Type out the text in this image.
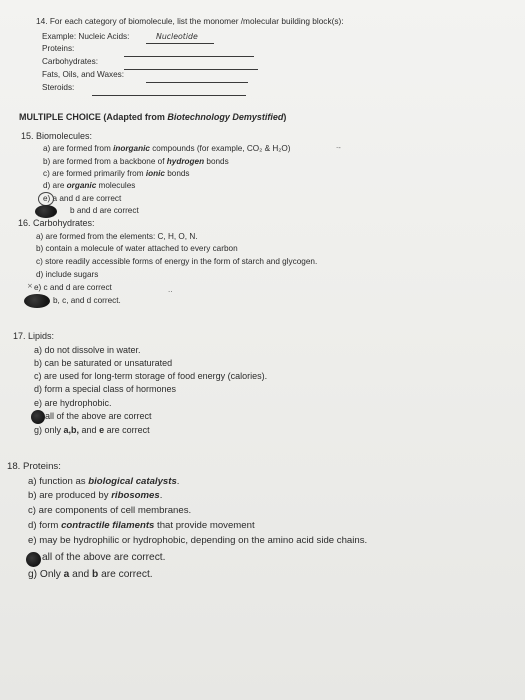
14. For each category of biomolecule, list the monomer /molecular building block(s):
Example: Nucleic Acids:	Nucleotide
Proteins:
Carbohydrates:
Fats, Oils, and Waxes:
Steroids:
MULTIPLE CHOICE (Adapted from Biotechnology Demystified)
15. Biomolecules:
a) are formed from inorganic compounds (for example, CO₂ & H₂O)	·-
b) are formed from a backbone of hydrogen bonds
c) are formed primarily from ionic bonds
d) are organic molecules
e) a and d are correct
b and d are correct
16. Carbohydrates:
a) are formed from the elements: C, H, O, N.
b) contain a molecule of water attached to every carbon
c) store readily accessible forms of energy in the form of starch and glycogen.
d) include sugars
× e) c and d are correct	..
b, c, and d correct.
17. Lipids:
a) do not dissolve in water.
b) can be saturated or unsaturated
c) are used for long-term storage of food energy (calories).
d) form a special class of hormones
e) are hydrophobic.
all of the above are correct
g) only a,b, and e are correct
18. Proteins:
a) function as biological catalysts.
b) are produced by ribosomes.
c) are components of cell membranes.
d) form contractile filaments that provide movement
e) may be hydrophilic or hydrophobic, depending on the amino acid side chains.
all of the above are correct.
g) Only a and b are correct.
